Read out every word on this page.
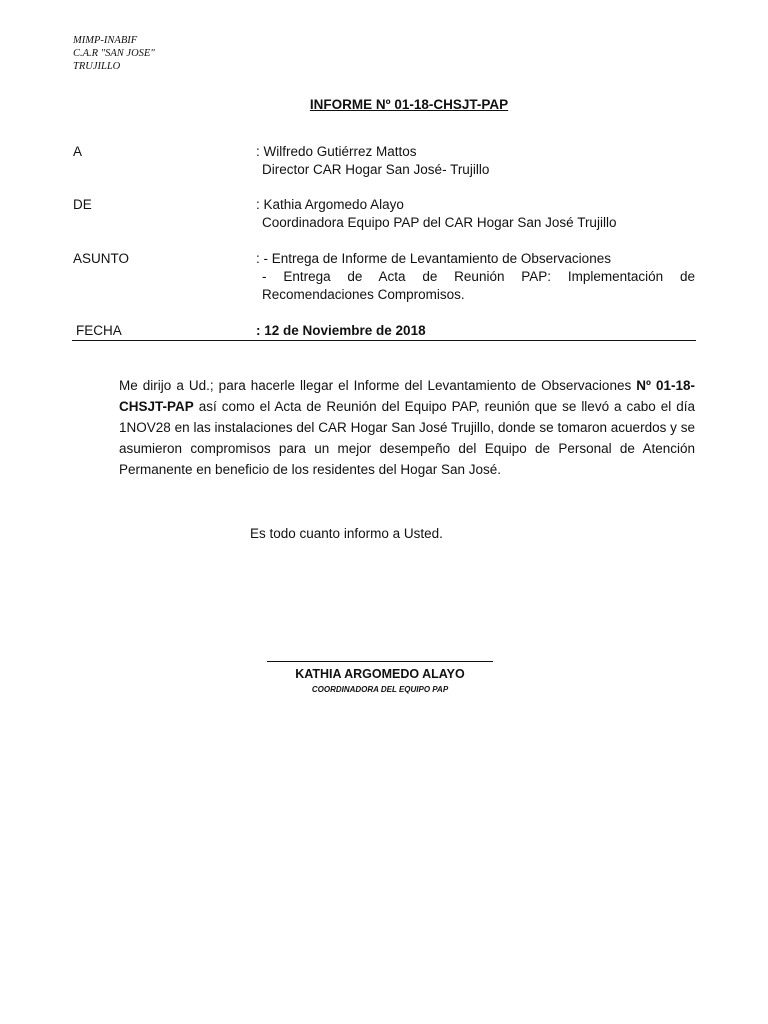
MIMP-INABIF
C.A.R "SAN JOSE"
TRUJILLO
INFORME Nº 01-18-CHSJT-PAP
A	: Wilfredo Gutiérrez Mattos
Director CAR Hogar San José- Trujillo
DE	: Kathia Argomedo Alayo
Coordinadora Equipo PAP del CAR Hogar San José Trujillo
ASUNTO	: - Entrega de Informe de Levantamiento de Observaciones
- Entrega de Acta de Reunión PAP: Implementación de
Recomendaciones Compromisos.
FECHA	: 12 de Noviembre de 2018
Me dirijo a Ud.; para hacerle llegar el Informe del Levantamiento de Observaciones Nº 01-18-CHSJT-PAP así como el Acta de Reunión del Equipo PAP, reunión que se llevó a cabo el día 1NOV28 en las instalaciones del CAR Hogar San José Trujillo, donde se tomaron acuerdos y se asumieron compromisos para un mejor desempeño del Equipo de Personal de Atención Permanente en beneficio de los residentes del Hogar San José.
Es todo cuanto informo a Usted.
KATHIA ARGOMEDO ALAYO
COORDINADORA DEL EQUIPO PAP
